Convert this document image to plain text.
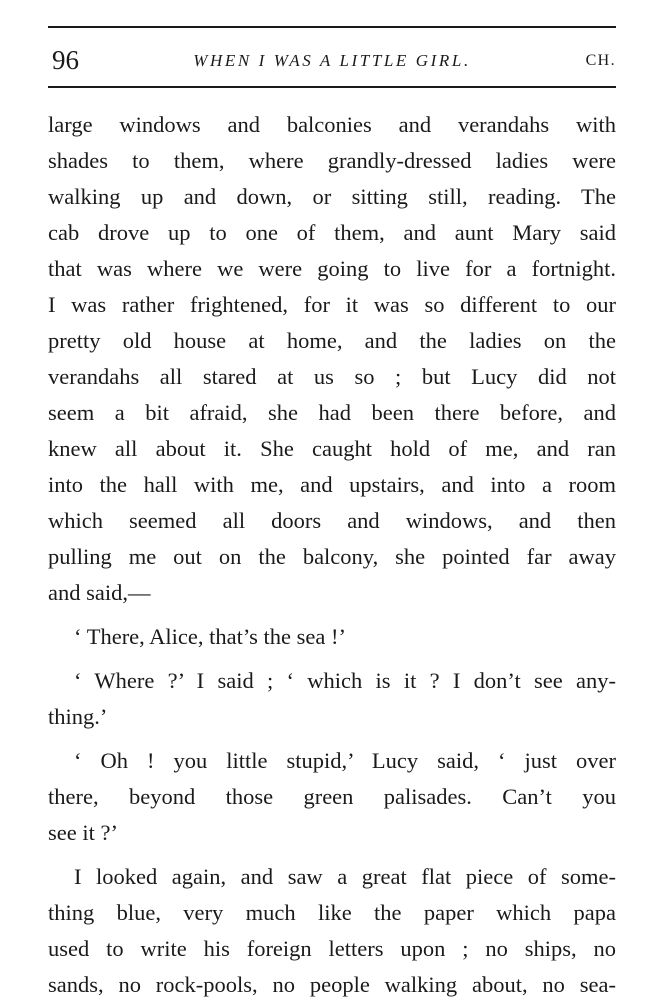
96	WHEN I WAS A LITTLE GIRL.	CH.
large windows and balconies and verandahs with
shades to them, where grandly-dressed ladies were
walking up and down, or sitting still, reading. The
cab drove up to one of them, and aunt Mary said
that was where we were going to live for a fortnight.
I was rather frightened, for it was so different to our
pretty old house at home, and the ladies on the
verandahs all stared at us so ; but Lucy did not
seem a bit afraid, she had been there before, and
knew all about it. She caught hold of me, and ran
into the hall with me, and upstairs, and into a room
which seemed all doors and windows, and then
pulling me out on the balcony, she pointed far away
and said,—
‘ There, Alice, that’s the sea !’
‘ Where ?’ I said ; ‘ which is it ? I don’t see any-
thing.’
‘ Oh ! you little stupid,’ Lucy said, ‘ just over
there, beyond those green palisades. Can’t you
see it ?’
I looked again, and saw a great flat piece of some-
thing blue, very much like the paper which papa
used to write his foreign letters upon ; no ships, no
sands, no rock-pools, no people walking about, no sea-
